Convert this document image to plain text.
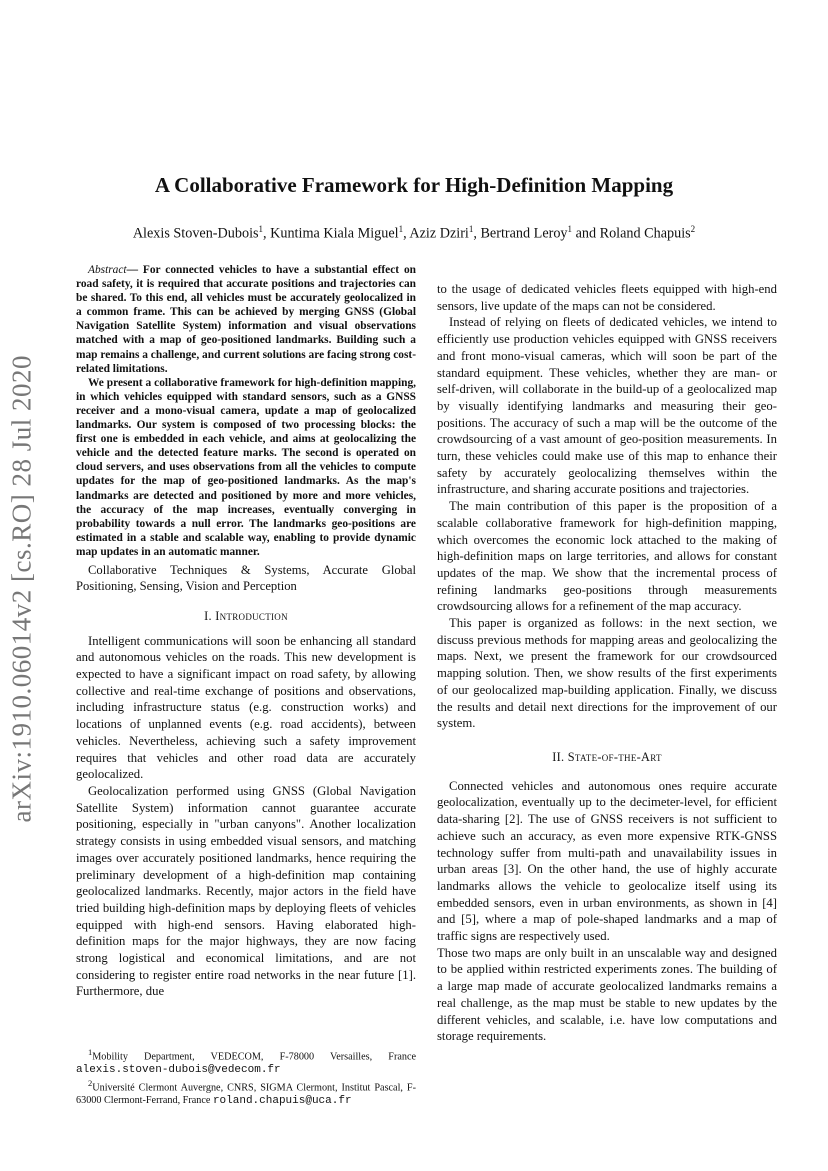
arXiv:1910.06014v2 [cs.RO] 28 Jul 2020
A Collaborative Framework for High-Definition Mapping
Alexis Stoven-Dubois$^1$, Kuntima Kiala Miguel$^1$, Aziz Dziri$^1$, Bertrand Leroy$^1$ and Roland Chapuis$^2$

Abstract— For connected vehicles to have a substantial effect on road safety, it is required that accurate positions and trajectories can be shared. To this end, all vehicles must be accurately geolocalized in a common frame. This can be achieved by merging GNSS (Global Navigation Satellite System) information and visual observations matched with a map of geo-positioned landmarks. Building such a map remains a challenge, and current solutions are facing strong cost-related limitations.

We present a collaborative framework for high-definition mapping, in which vehicles equipped with standard sensors, such as a GNSS receiver and a mono-visual camera, update a map of geolocalized landmarks. Our system is composed of two processing blocks: the first one is embedded in each vehicle, and aims at geolocalizing the vehicle and the detected feature marks. The second is operated on cloud servers, and uses observations from all the vehicles to compute updates for the map of geo-positioned landmarks. As the map's landmarks are detected and positioned by more and more vehicles, the accuracy of the map increases, eventually converging in probability towards a null error. The landmarks geo-positions are estimated in a stable and scalable way, enabling to provide dynamic map updates in an automatic manner.

Collaborative Techniques & Systems, Accurate Global Positioning, Sensing, Vision and Perception

I. Introduction

Intelligent communications will soon be enhancing all standard and autonomous vehicles on the roads. This new development is expected to have a significant impact on road safety, by allowing collective and real-time exchange of positions and observations, including infrastructure status (e.g. construction works) and locations of unplanned events (e.g. road accidents), between vehicles. Nevertheless, achieving such a safety improvement requires that vehicles and other road data are accurately geolocalized.

Geolocalization performed using GNSS (Global Navigation Satellite System) information cannot guarantee accurate positioning, especially in "urban canyons". Another localization strategy consists in using embedded visual sensors, and matching images over accurately positioned landmarks, hence requiring the preliminary development of a high-definition map containing geolocalized landmarks. Recently, major actors in the field have tried building high-definition maps by deploying fleets of vehicles equipped with high-end sensors. Having elaborated high-definition maps for the major highways, they are now facing strong logistical and economical limitations, and are not considering to register entire road networks in the near future [1]. Furthermore, due

to the usage of dedicated vehicles fleets equipped with high-end sensors, live update of the maps can not be considered.

Instead of relying on fleets of dedicated vehicles, we intend to efficiently use production vehicles equipped with GNSS receivers and front mono-visual cameras, which will soon be part of the standard equipment. These vehicles, whether they are man- or self-driven, will collaborate in the build-up of a geolocalized map by visually identifying landmarks and measuring their geo-positions. The accuracy of such a map will be the outcome of the crowdsourcing of a vast amount of geo-position measurements. In turn, these vehicles could make use of this map to enhance their safety by accurately geolocalizing themselves within the infrastructure, and sharing accurate positions and trajectories.

The main contribution of this paper is the proposition of a scalable collaborative framework for high-definition mapping, which overcomes the economic lock attached to the making of high-definition maps on large territories, and allows for constant updates of the map. We show that the incremental process of refining landmarks geo-positions through measurements crowdsourcing allows for a refinement of the map accuracy.

This paper is organized as follows: in the next section, we discuss previous methods for mapping areas and geolocalizing the maps. Next, we present the framework for our crowdsourced mapping solution. Then, we show results of the first experiments of our geolocalized map-building application. Finally, we discuss the results and detail next directions for the improvement of our system.

II. State-of-the-Art

Connected vehicles and autonomous ones require accurate geolocalization, eventually up to the decimeter-level, for efficient data-sharing [2]. The use of GNSS receivers is not sufficient to achieve such an accuracy, as even more expensive RTK-GNSS technology suffer from multi-path and unavailability issues in urban areas [3]. On the other hand, the use of highly accurate landmarks allows the vehicle to geolocalize itself using its embedded sensors, even in urban environments, as shown in [4] and [5], where a map of pole-shaped landmarks and a map of traffic signs are respectively used.

Those two maps are only built in an unscalable way and designed to be applied within restricted experiments zones. The building of a large map made of accurate geolocalized landmarks remains a real challenge, as the map must be stable to new updates by the different vehicles, and scalable, i.e. have low computations and storage requirements.

$^1$Mobility Department, VEDECOM, F-78000 Versailles, France alexis.stoven-dubois@vedecom.fr

$^2$Université Clermont Auvergne, CNRS, SIGMA Clermont, Institut Pascal, F-63000 Clermont-Ferrand, France roland.chapuis@uca.fr
